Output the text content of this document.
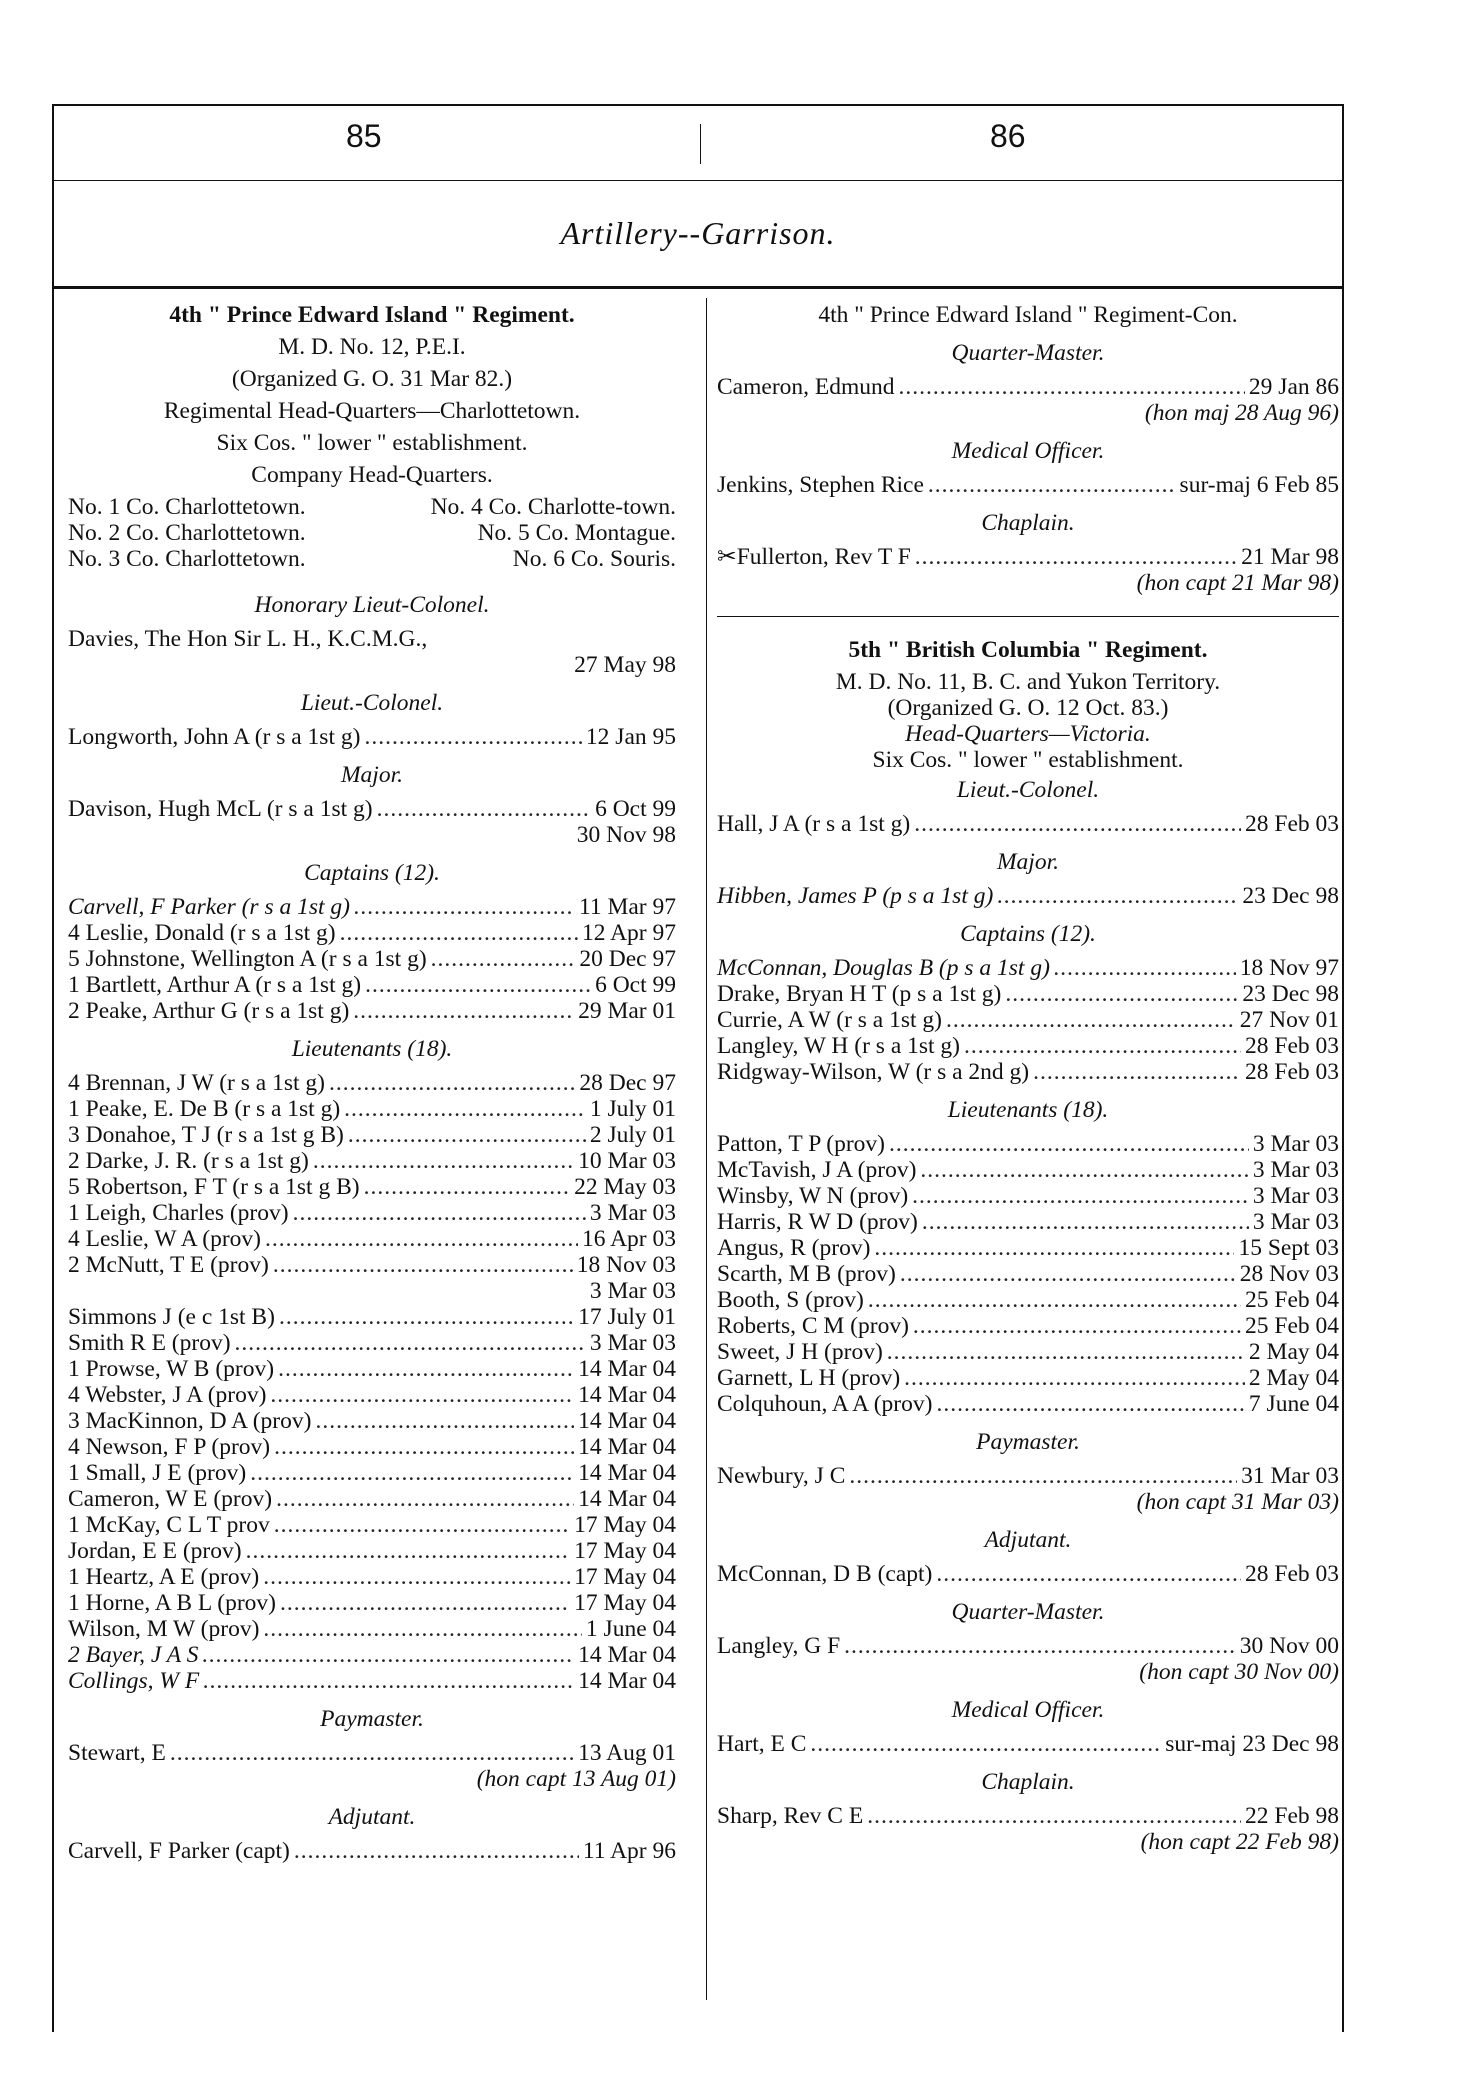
85	86
Artillery--Garrison.
4th " Prince Edward Island " Regiment.
M. D. No. 12, P.E.I.
(Organized G. O. 31 Mar 82.)
Regimental Head-Quarters—Charlottetown.
Six Cos. " lower " establishment.
Company Head-Quarters.
No. 1 Co. Charlottetown.	No. 4 Co. Charlotte-town.
No. 2 Co. Charlottetown.	No. 5 Co. Montague.
No. 3 Co. Charlottetown.	No. 6 Co. Souris.
Honorary Lieut-Colonel.
Davies, The Hon Sir L. H., K.C.M.G.,
27 May 98
Lieut.-Colonel.
Longworth, John A (r s a 1st g) .....	12 Jan 95
Major.
Davison, Hugh McL (r s a 1st g) .....	6 Oct 99
30 Nov 98
Captains (12).
Carvell, F Parker (r s a 1st g) .....	11 Mar 97
4 Leslie, Donald (r s a 1st g) .....	12 Apr 97
5 Johnstone, Wellington A (r s a 1st g) .....	20 Dec 97
1 Bartlett, Arthur A (r s a 1st g) .....	6 Oct 99
2 Peake, Arthur G (r s a 1st g) .....	29 Mar 01
Lieutenants (18).
4 Brennan, J W (r s a 1st g) .....	28 Dec 97
1 Peake, E. De B (r s a 1st g) .....	1 July 01
3 Donahoe, T J (r s a 1st g B) .....	2 July 01
2 Darke, J. R. (r s a 1st g) .....	10 Mar 03
5 Robertson, F T (r s a 1st g B) .....	22 May 03
1 Leigh, Charles (prov) .....	3 Mar 03
4 Leslie, W A (prov) .....	16 Apr 03
2 McNutt, T E (prov) .....	18 Nov 03
3 Mar 03
Simmons J (e c 1st B) .....	17 July 01
Smith R E (prov) .....	3 Mar 03
1 Prowse, W B (prov) .....	14 Mar 04
4 Webster, J A (prov) .....	14 Mar 04
3 MacKinnon, D A (prov) .....	14 Mar 04
4 Newson, F P (prov) .....	14 Mar 04
1 Small, J E (prov) .....	14 Mar 04
Cameron, W E (prov) .....	14 Mar 04
1 McKay, C L T prov .....	17 May 04
Jordan, E E (prov) .....	17 May 04
1 Heartz, A E (prov) .....	17 May 04
1 Horne, A B L (prov) .....	17 May 04
Wilson, M W (prov) .....	1 June 04
2 Bayer, J A S .....	14 Mar 04
Collings, W F .....	14 Mar 04
Paymaster.
Stewart, E .....	13 Aug 01
(hon capt 13 Aug 01)
Adjutant.
Carvell, F Parker (capt) .....	11 Apr 96
4th " Prince Edward Island " Regiment-Con.
Quarter-Master.
Cameron, Edmund .....	29 Jan 86
(hon maj 28 Aug 96)
Medical Officer.
Jenkins, Stephen Rice .....	sur-maj 6 Feb 85
Chaplain.
✂Fullerton, Rev T F .....	21 Mar 98
(hon capt 21 Mar 98)
5th " British Columbia " Regiment.
M. D. No. 11, B. C. and Yukon Territory.
(Organized G. O. 12 Oct. 83.)
Head-Quarters—Victoria.
Six Cos. " lower " establishment.
Lieut.-Colonel.
Hall, J A (r s a 1st g) .....	28 Feb 03
Major.
Hibben, James P (p s a 1st g) .....	23 Dec 98
Captains (12).
McConnan, Douglas B (p s a 1st g) .....	18 Nov 97
Drake, Bryan H T (p s a 1st g) .....	23 Dec 98
Currie, A W (r s a 1st g) .....	27 Nov 01
Langley, W H (r s a 1st g) .....	28 Feb 03
Ridgway-Wilson, W (r s a 2nd g) .....	28 Feb 03
Lieutenants (18).
Patton, T P (prov) .....	3 Mar 03
McTavish, J A (prov) .....	3 Mar 03
Winsby, W N (prov) .....	3 Mar 03
Harris, R W D (prov) .....	3 Mar 03
Angus, R (prov) .....	15 Sept 03
Scarth, M B (prov) .....	28 Nov 03
Booth, S (prov) .....	25 Feb 04
Roberts, C M (prov) .....	25 Feb 04
Sweet, J H (prov) .....	2 May 04
Garnett, L H (prov) .....	2 May 04
Colquhoun, A A (prov) .....	7 June 04
Paymaster.
Newbury, J C .....	31 Mar 03
(hon capt 31 Mar 03)
Adjutant.
McConnan, D B (capt) .....	28 Feb 03
Quarter-Master.
Langley, G F .....	30 Nov 00
(hon capt 30 Nov 00)
Medical Officer.
Hart, E C .....	sur-maj 23 Dec 98
Chaplain.
Sharp, Rev C E .....	22 Feb 98
(hon capt 22 Feb 98)
